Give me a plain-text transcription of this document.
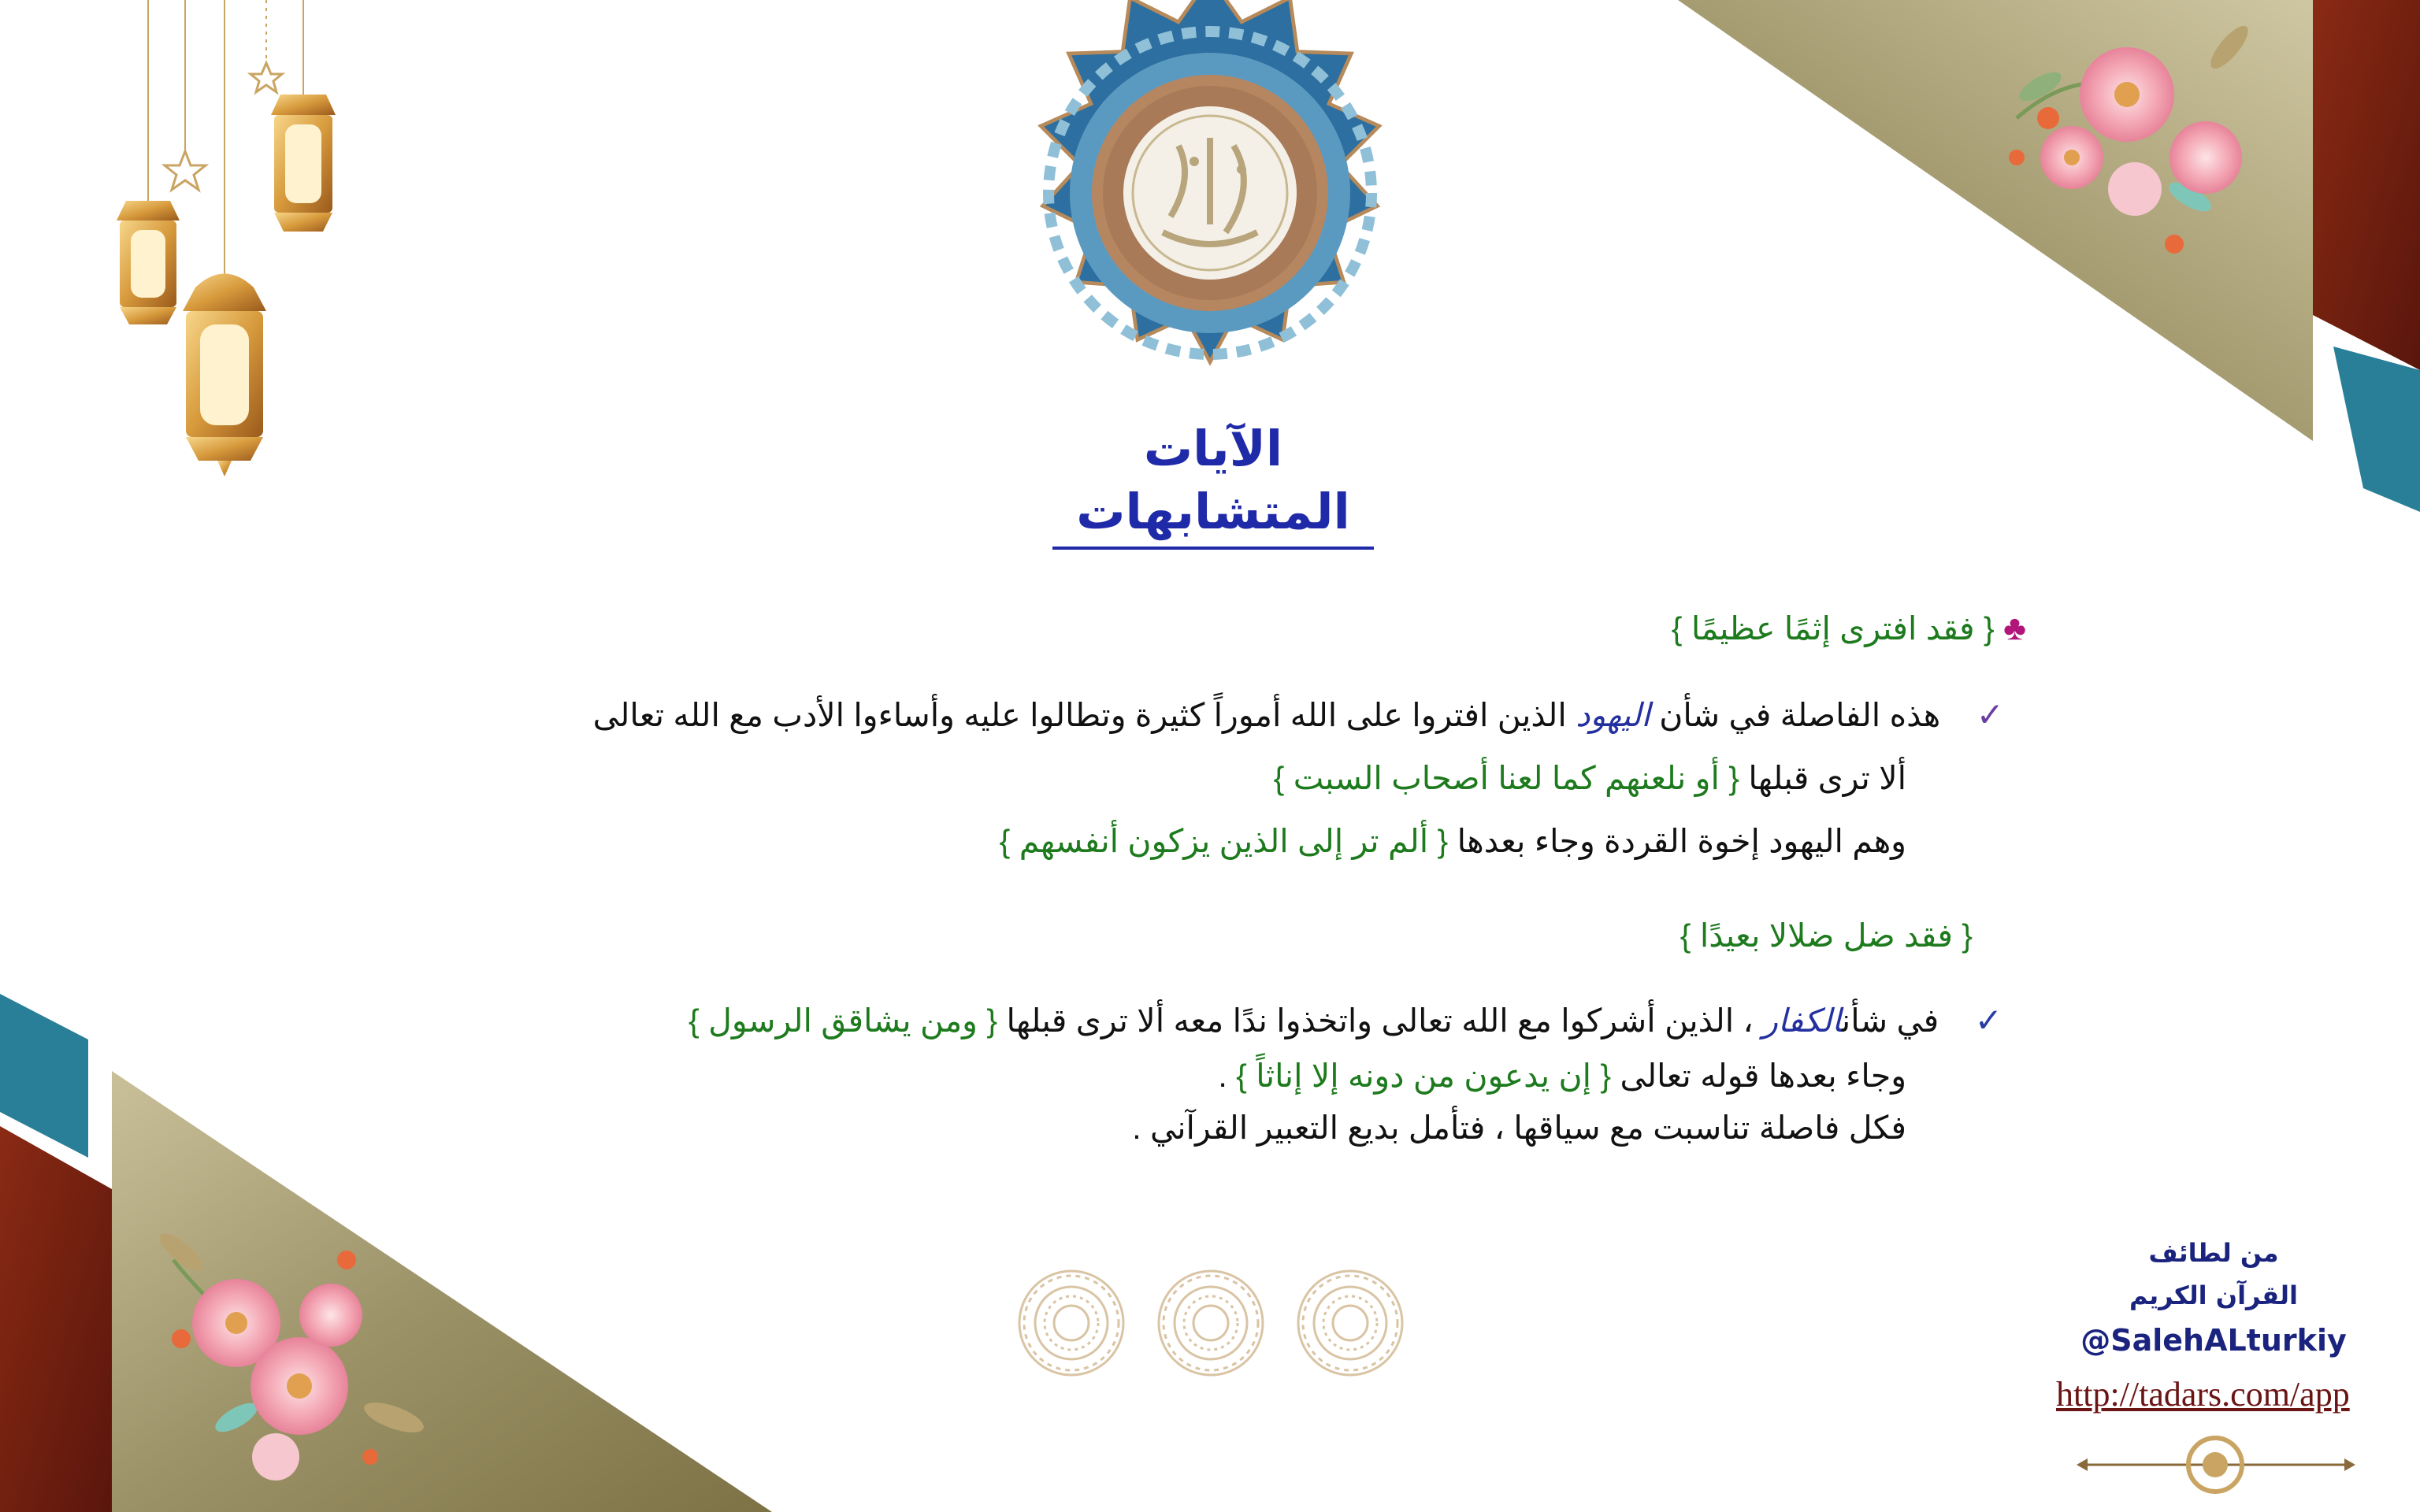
الآيات المتشابهات
♣ { فقد افترى إثمًا عظيمًا }
✓    هذه الفاصلة في شأن اليهود الذين افتروا على الله أموراً كثيرة وتطالوا عليه وأساءوا الأدب مع الله تعالى
ألا ترى قبلها { أو نلعنهم كما لعنا أصحاب السبت }
وهم اليهود إخوة القردة وجاء بعدها { ألم تر إلى الذين يزكون أنفسهم }
{ فقد ضل ضلالا بعيدًا }
✓    في شأنالكفار ، الذين أشركوا مع الله تعالى واتخذوا ندًا معه ألا ترى قبلها { ومن يشاقق الرسول }
وجاء بعدها قوله تعالى { إن يدعون من دونه إلا إناثاً } .
فكل فاصلة تناسبت مع سياقها ، فتأمل بديع التعبير القرآني .
من لطائف
القرآن الكريم
@SalehALturkiy
http://tadars.com/app
